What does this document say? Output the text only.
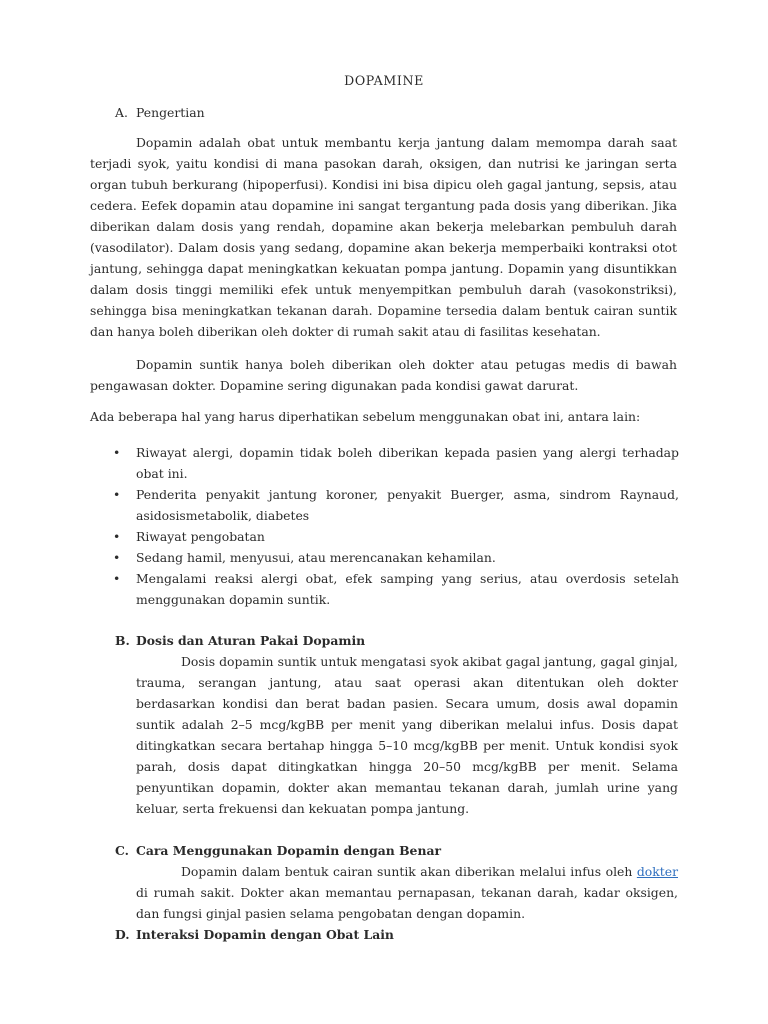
DOPAMINE
A. Pengertian
Dopamin adalah obat untuk membantu kerja jantung dalam memompa darah saat terjadi syok, yaitu kondisi di mana pasokan darah, oksigen, dan nutrisi ke jaringan serta organ tubuh berkurang (hipoperfusi). Kondisi ini bisa dipicu oleh gagal jantung, sepsis, atau cedera. Eefek dopamin atau dopamine ini sangat tergantung pada dosis yang diberikan. Jika diberikan dalam dosis yang rendah, dopamine akan bekerja melebarkan pembuluh darah (vasodilator). Dalam dosis yang sedang, dopamine akan bekerja memperbaiki kontraksi otot jantung, sehingga dapat meningkatkan kekuatan pompa jantung. Dopamin yang disuntikkan dalam dosis tinggi memiliki efek untuk menyempitkan pembuluh darah (vasokonstriksi), sehingga bisa meningkatkan tekanan darah. Dopamine tersedia dalam bentuk cairan suntik dan hanya boleh diberikan oleh dokter di rumah sakit atau di fasilitas kesehatan.
Dopamin suntik hanya boleh diberikan oleh dokter atau petugas medis di bawah pengawasan dokter. Dopamine sering digunakan pada kondisi gawat darurat.
Ada beberapa hal yang harus diperhatikan sebelum menggunakan obat ini, antara lain:
• Riwayat alergi, dopamin tidak boleh diberikan kepada pasien yang alergi terhadap obat ini.
• Penderita penyakit jantung koroner, penyakit Buerger, asma, sindrom Raynaud, asidosismetabolik, diabetes
• Riwayat pengobatan
• Sedang hamil, menyusui, atau merencanakan kehamilan.
• Mengalami reaksi alergi obat, efek samping yang serius, atau overdosis setelah menggunakan dopamin suntik.
B. Dosis dan Aturan Pakai Dopamin
Dosis dopamin suntik untuk mengatasi syok akibat gagal jantung, gagal ginjal, trauma, serangan jantung, atau saat operasi akan ditentukan oleh dokter berdasarkan kondisi dan berat badan pasien. Secara umum, dosis awal dopamin suntik adalah 2–5 mcg/kgBB per menit yang diberikan melalui infus. Dosis dapat ditingkatkan secara bertahap hingga 5–10 mcg/kgBB per menit. Untuk kondisi syok parah, dosis dapat ditingkatkan hingga 20–50 mcg/kgBB per menit. Selama penyuntikan dopamin, dokter akan memantau tekanan darah, jumlah urine yang keluar, serta frekuensi dan kekuatan pompa jantung.
C. Cara Menggunakan Dopamin dengan Benar
Dopamin dalam bentuk cairan suntik akan diberikan melalui infus oleh dokter di rumah sakit. Dokter akan memantau pernapasan, tekanan darah, kadar oksigen, dan fungsi ginjal pasien selama pengobatan dengan dopamin.
D. Interaksi Dopamin dengan Obat Lain
